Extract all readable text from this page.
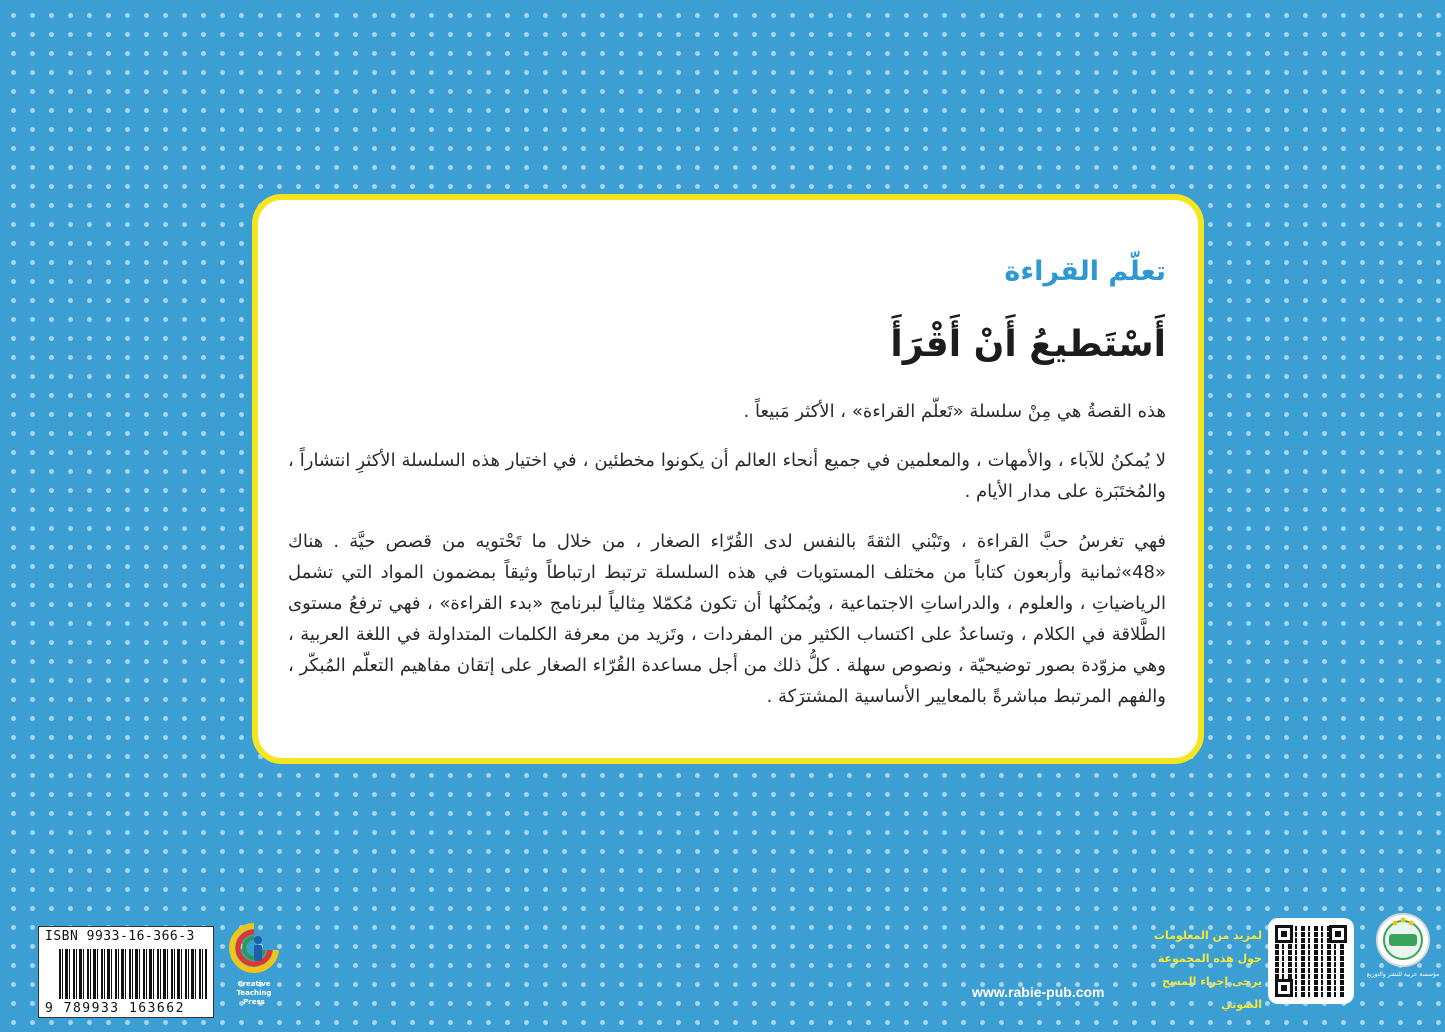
تعلّم القراءة
أَسْتَطيعُ أَنْ أَقْرَأَ

هذه القصةُ هي مِنْ سلسلة «تَعلّم القراءة» ، الأكثر مَبيعاً .

لا يُمكنُ للآباء ، والأمهات ، والمعلمين في جميع أنحاء العالم أن يكونوا مخطئين ، في اختيار هذه السلسلة الأكثرِ انتشاراً ، والمُختَبَرة على مدار الأيام .

فهي تغرسُ حبَّ القراءة ، وتَبْني الثقةَ بالنفس لدى القُرّاء الصغار ، من خلال ما تَحْتويه من قصص حيَّة . هناك «48»ثمانية وأربعون كتاباً من مختلف المستويات في هذه السلسلة ترتبط ارتباطاً وثيقاً بمضمون المواد التي تشمل الرياضياتِ ، والعلوم ، والدراساتِ الاجتماعية ، ويُمكنُها أن تكون مُكمّلا مِثالياً لبرنامج «بدء القراءة» ، فهي ترفعُ مستوى الطَّلاقة في الكلام ، وتساعدُ على اكتساب الكثير من المفردات ، وتَزيد من معرفة الكلمات المتداولة في اللغة العربية ، وهي مزوّدة بصور توضيحيّة ، ونصوص سهلة . كلُّ ذلك من أجل مساعدة القُرّاء الصغار على إتقان مفاهيم التعلّم المُبكّر ، والفهم المرتبط مباشرةً بالمعايير الأساسية المشترَكة .

ISBN 9933-16-366-3
9 789933 163662
Creative Teaching Press
www.rabie-pub.com
لمزيد من المعلومات
حول هذه المجموعة
يرجى إجراء المسح
الصوتي
مؤسسة عربية للنشر والتوزيع
